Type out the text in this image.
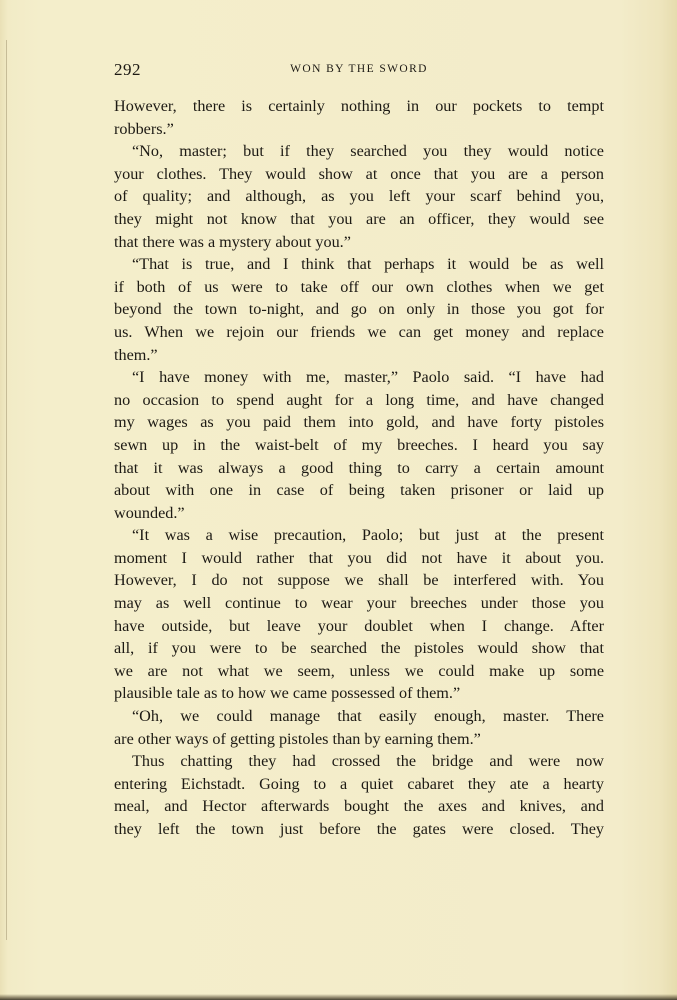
292	WON BY THE SWORD
However, there is certainly nothing in our pockets to tempt
robbers.”
“No, master; but if they searched you they would notice
your clothes. They would show at once that you are a person
of quality; and although, as you left your scarf behind you,
they might not know that you are an officer, they would see
that there was a mystery about you.”
“That is true, and I think that perhaps it would be as well
if both of us were to take off our own clothes when we get
beyond the town to-night, and go on only in those you got for
us. When we rejoin our friends we can get money and replace
them.”
“I have money with me, master,” Paolo said. “I have had
no occasion to spend aught for a long time, and have changed
my wages as you paid them into gold, and have forty pistoles
sewn up in the waist-belt of my breeches. I heard you say
that it was always a good thing to carry a certain amount
about with one in case of being taken prisoner or laid up
wounded.”
“It was a wise precaution, Paolo; but just at the present
moment I would rather that you did not have it about you.
However, I do not suppose we shall be interfered with. You
may as well continue to wear your breeches under those you
have outside, but leave your doublet when I change. After
all, if you were to be searched the pistoles would show that
we are not what we seem, unless we could make up some
plausible tale as to how we came possessed of them.”
“Oh, we could manage that easily enough, master. There
are other ways of getting pistoles than by earning them.”
Thus chatting they had crossed the bridge and were now
entering Eichstadt. Going to a quiet cabaret they ate a hearty
meal, and Hector afterwards bought the axes and knives, and
they left the town just before the gates were closed. They
